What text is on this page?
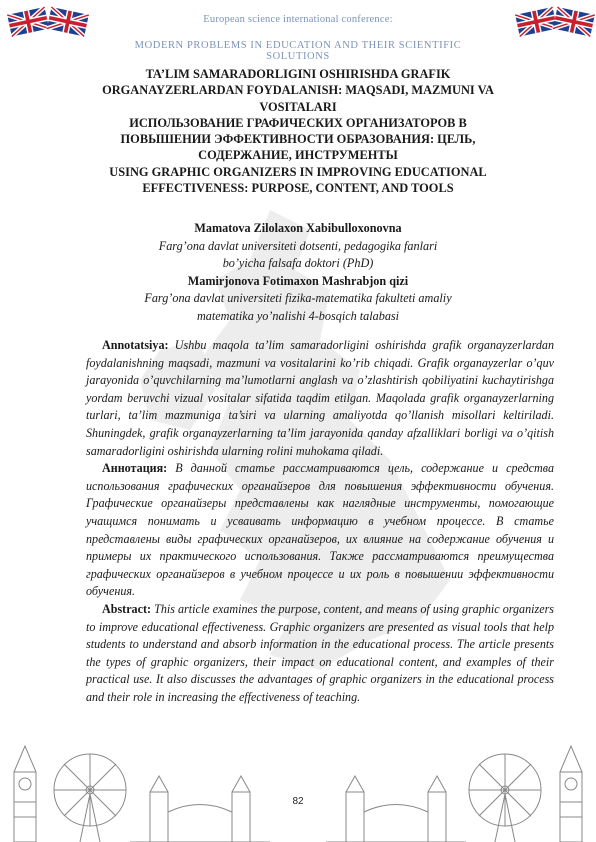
European science international conference:
MODERN PROBLEMS IN EDUCATION AND THEIR SCIENTIFIC SOLUTIONS
TA’LIM SAMARADORLIGINI OSHIRISHDA GRAFIK ORGANAYZERLARDAN FOYDALANISH: MAQSADI, MAZMUNI VA VOSITALARI
ИСПОЛЬЗОВАНИЕ ГРАФИЧЕСКИХ ОРГАНИЗАТОРОВ В ПОВЫШЕНИИ ЭФФЕКТИВНОСТИ ОБРАЗОВАНИЯ: ЦЕЛЬ, СОДЕРЖАНИЕ, ИНСТРУМЕНТЫ
USING GRAPHIC ORGANIZERS IN IMPROVING EDUCATIONAL EFFECTIVENESS: PURPOSE, CONTENT, AND TOOLS
Mamatova Zilolaxon Xabibulloxonovna
Farg’ona davlat universiteti dotsenti, pedagogika fanlari
bo’yicha falsafa doktori (PhD)
Mamirjonova Fotimaxon Mashrabjon qizi
Farg’ona davlat universiteti fizika-matematika fakulteti amaliy
matematika yo’nalishi 4-bosqich talabasi

Annotatsiya: Ushbu maqola ta’lim samaradorligini oshirishda grafik organayzerlardan foydalanishning maqsadi, mazmuni va vositalarini ko’rib chiqadi. Grafik organayzerlar o’quv jarayonida o’quvchilarning ma’lumotlarni anglash va o’zlashtirish qobiliyatini kuchaytirishga yordam beruvchi vizual vositalar sifatida taqdim etilgan. Maqolada grafik organayzerlarning turlari, ta’lim mazmuniga ta’siri va ularning amaliyotda qo’llanish misollari keltiriladi. Shuningdek, grafik organayzerlarning ta’lim jarayonida qanday afzalliklari borligi va o’qitish samaradorligini oshirishda ularning rolini muhokama qiladi.

Аннотация: В данной статье рассматриваются цель, содержание и средства использования графических органайзеров для повышения эффективности обучения. Графические органайзеры представлены как наглядные инструменты, помогающие учащимся понимать и усваивать информацию в учебном процессе. В статье представлены виды графических органайзеров, их влияние на содержание обучения и примеры их практического использования. Также рассматриваются преимущества графических органайзеров в учебном процессе и их роль в повышении эффективности обучения.

Abstract: This article examines the purpose, content, and means of using graphic organizers to improve educational effectiveness. Graphic organizers are presented as visual tools that help students to understand and absorb information in the educational process. The article presents the types of graphic organizers, their impact on educational content, and examples of their practical use. It also discusses the advantages of graphic organizers in the educational process and their role in increasing the effectiveness of teaching.

82
